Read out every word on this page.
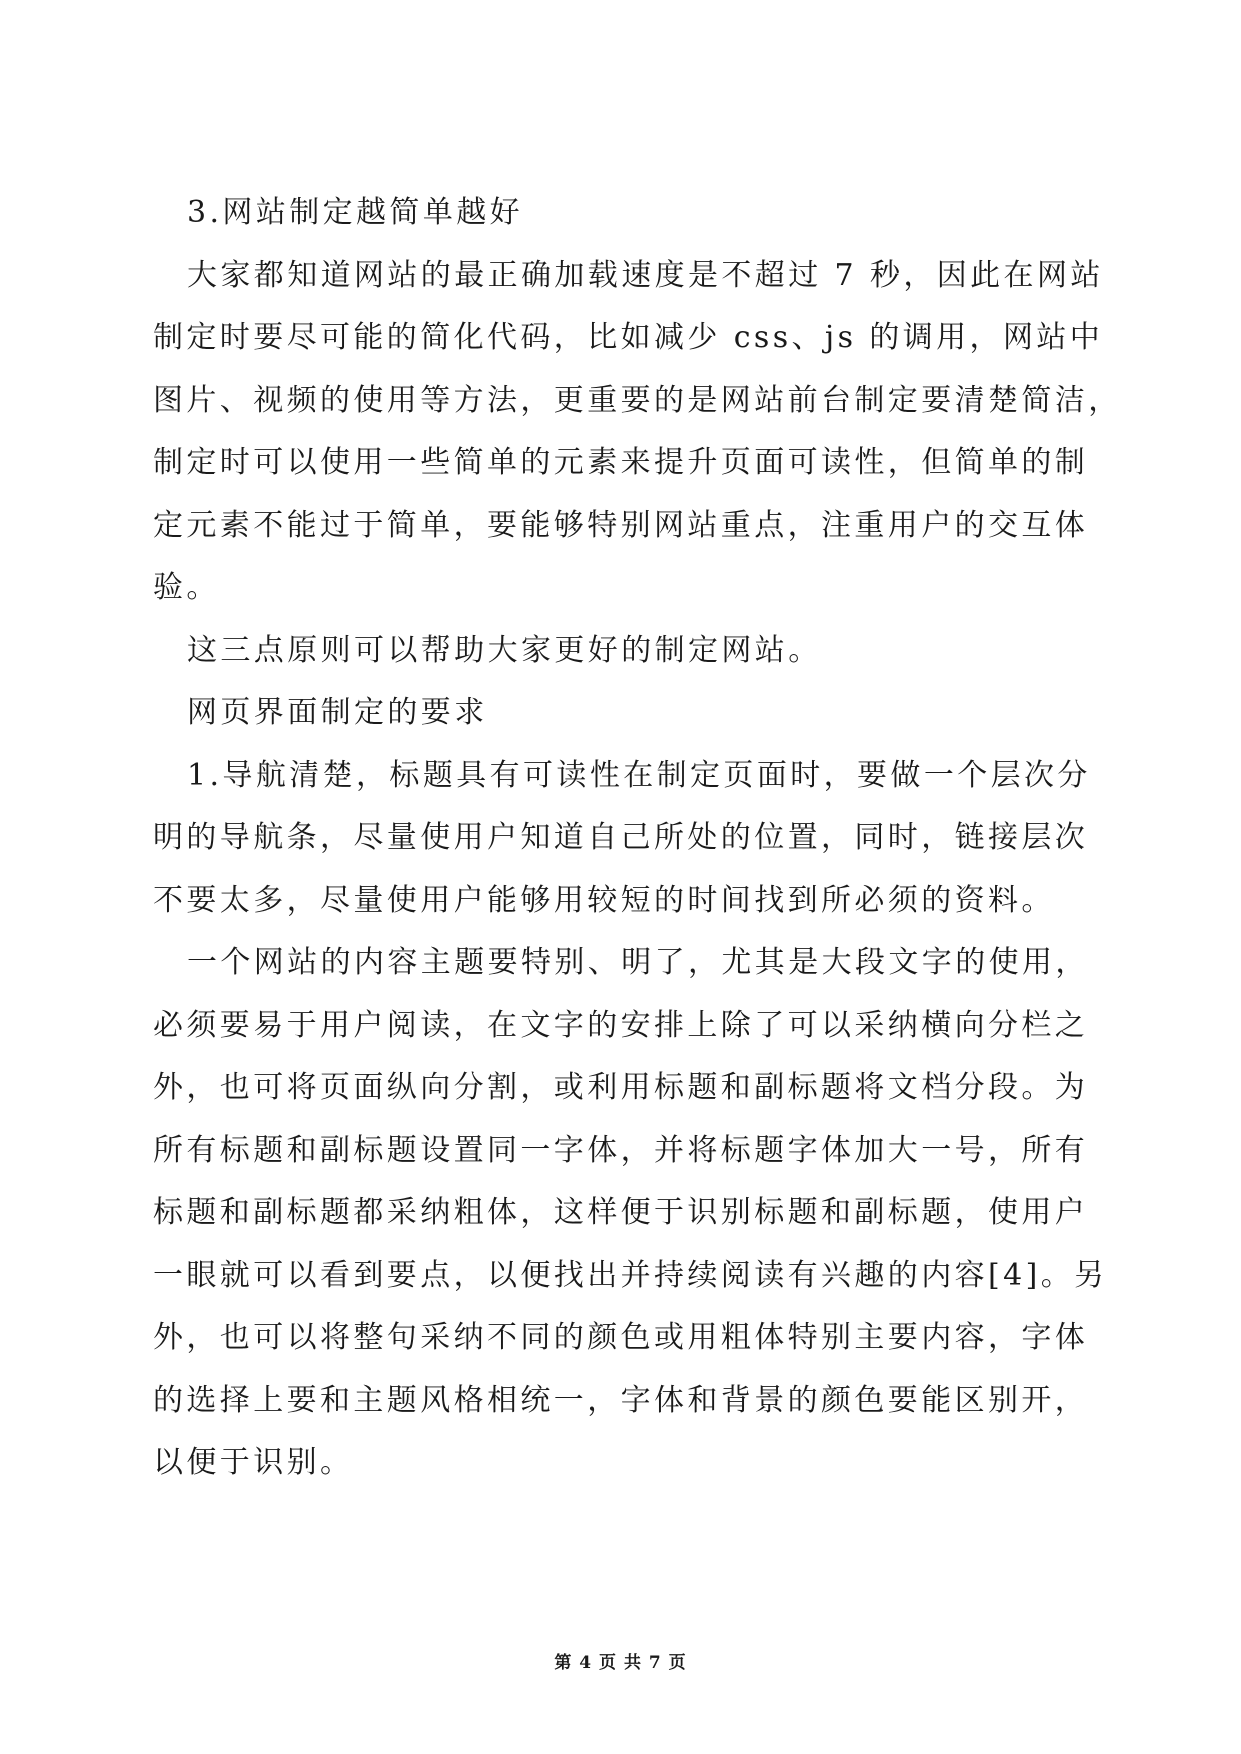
3.网站制定越简单越好
大家都知道网站的最正确加载速度是不超过 7 秒，因此在网站
制定时要尽可能的简化代码，比如减少 css、js 的调用，网站中
图片、视频的使用等方法，更重要的是网站前台制定要清楚简洁，
制定时可以使用一些简单的元素来提升页面可读性，但简单的制
定元素不能过于简单，要能够特别网站重点，注重用户的交互体
验。
这三点原则可以帮助大家更好的制定网站。
网页界面制定的要求
1.导航清楚，标题具有可读性在制定页面时，要做一个层次分
明的导航条，尽量使用户知道自己所处的位置，同时，链接层次
不要太多，尽量使用户能够用较短的时间找到所必须的资料。
一个网站的内容主题要特别、明了，尤其是大段文字的使用，
必须要易于用户阅读，在文字的安排上除了可以采纳横向分栏之
外，也可将页面纵向分割，或利用标题和副标题将文档分段。为
所有标题和副标题设置同一字体，并将标题字体加大一号，所有
标题和副标题都采纳粗体，这样便于识别标题和副标题，使用户
一眼就可以看到要点，以便找出并持续阅读有兴趣的内容[4]。另
外，也可以将整句采纳不同的颜色或用粗体特别主要内容，字体
的选择上要和主题风格相统一，字体和背景的颜色要能区别开，
以便于识别。
第 4 页 共 7 页
